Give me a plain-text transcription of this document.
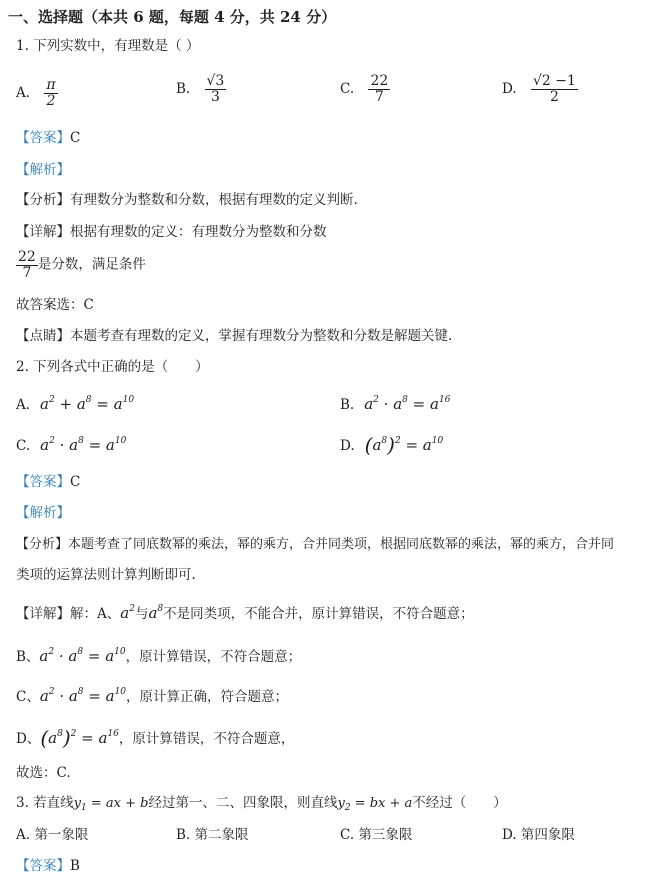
一、选择题（本共 6 题，每题 4 分，共 24 分）
1. 下列实数中，有理数是（ ）
A. $\frac{\pi}{2}$	B. $\frac{√3}{3}$	C. $\frac{22}{7}$	D. $\frac{√2 -1}{2}$
【答案】C
【解析】
【分析】有理数分为整数和分数，根据有理数的定义判断.
【详解】根据有理数的定义：有理数分为整数和分数
$\frac{22}{7}$ 是分数，满足条件
故答案选：C
【点睛】本题考查有理数的定义，掌握有理数分为整数和分数是解题关键.
2. 下列各式中正确的是（　　）
A. $a^2 + a^8 = a^{10}$	B. $a^2 \cdot a^8 = a^{16}$
C. $a^2 \cdot a^8 = a^{10}$	D. $(a^8)^2 = a^{10}$
【答案】C
【解析】
【分析】本题考查了同底数幂的乘法，幂的乘方，合并同类项，根据同底数幂的乘法，幂的乘方，合并同
类项的运算法则计算判断即可.
【详解】解：A、$a^2$与$a^8$不是同类项，不能合并，原计算错误，不符合题意；
B、$a^2 \cdot a^8 = a^{10}$，原计算错误，不符合题意；
C、$a^2 \cdot a^8 = a^{10}$，原计算正确，符合题意；
D、$(a^8)^2 = a^{16}$，原计算错误，不符合题意，
故选：C.
3. 若直线$y_1$ = ax + b经过第一、二、四象限，则直线$y_2$ = bx + a不经过（　　）
A. 第一象限	B. 第二象限	C. 第三象限	D. 第四象限
【答案】B
